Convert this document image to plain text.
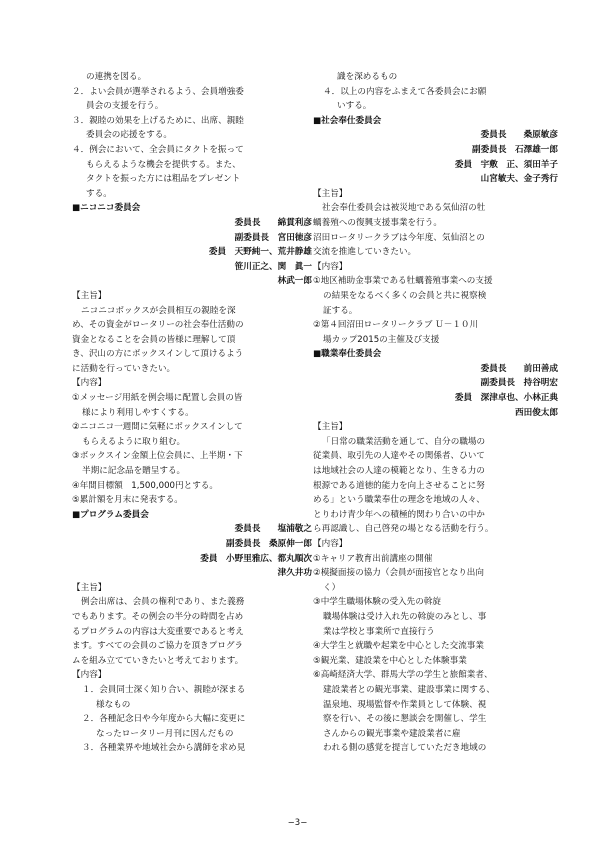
の連携を図る。

２．よい会員が選挙されるよう、会員増強委

員会の支援を行う。

３．親睦の効果を上げるために、出席、親睦

委員会の応援をする。

４．例会において、全会員にタクトを振って

もらえるような機会を提供する。また、

タクトを振った方には粗品をプレゼント

する。

■ニコニコ委員会

委員長　　綿貫利彦

副委員長　宮田徳彦

委員　天野純一、荒井静雄

笹川正之、関　眞一

林武一郎

【主旨】

ニコニコボックスが会員相互の親睦を深

め、その資金がロータリーの社会奉仕活動の

資金となることを会員の皆様に理解して頂

き、沢山の方にボックスインして頂けるよう

に活動を行っていきたい。

【内容】

①メッセージ用紙を例会場に配置し会員の皆

様により利用しやすくする。

②ニコニコ一週間に気軽にボックスインして

もらえるように取り組む。

③ボックスイン金額上位会員に、上半期・下

半期に記念品を贈呈する。

④年間目標額　1,500,000円とする。

⑤累計額を月末に発表する。

■プログラム委員会

委員長　　塩浦敬之

副委員長　桑原伸一郎

委員　小野里雅広、都丸順次

津久井功

【主旨】

例会出席は、会員の権利であり、また義務

でもあります。その例会の半分の時間を占め

るプログラムの内容は大変重要であると考え

ます。すべての会員のご協力を頂きプログラ

ムを組み立てていきたいと考えております。

【内容】

１．会員同士深く知り合い、親睦が深まる

様なもの

２．各種記念日や今年度から大幅に変更に

なったロータリー月刊に因んだもの

３．各種業界や地域社会から講師を求め見

識を深めるもの

４．以上の内容をふまえて各委員会にお願

いする。

■社会奉仕委員会

委員長　　桑原敏彦

副委員長　石澤雄一郎

委員　宇敷　正、須田羊子

山宮敏夫、金子秀行

【主旨】

社会奉仕委員会は被災地である気仙沼の牡

蠣養殖への復興支援事業を行う。

沼田ロータリークラブは今年度、気仙沼との

交流を推進していきたい。

【内容】

①地区補助金事業である牡蠣養殖事業への支援

の結果をなるべく多くの会員と共に視察検

証する。

②第４回沼田ロータリークラブ Ｕ－１０川

場カップ2015の主催及び支援

■職業奉仕委員会

委員長　　前田善成

副委員長　持谷明宏

委員　深津卓也、小林正典

西田俊太郎

【主旨】

「日常の職業活動を通して、自分の職場の

従業員、取引先の人達やその関係者、ひいて

は地域社会の人達の模範となり、生きる力の

根源である道徳的能力を向上させることに努

める」という職業奉仕の理念を地域の人々、

とりわけ青少年への積極的関わり合いの中か

ら再認識し、自己啓発の場となる活動を行う。

【内容】

①キャリア教育出前講座の開催

②模擬面接の協力（会員が面接官となり出向

く）

③中学生職場体験の受入先の斡旋

職場体験は受け入れ先の斡旋のみとし、事

業は学校と事業所で直接行う

④大学生と就職や起業を中心とした交流事業

⑤観光業、建設業を中心とした体験事業

⑥高崎経済大学、群馬大学の学生と旅館業者、

建設業者との観光事業、建設事業に関する、

温泉地、現場監督や作業員として体験、視

察を行い、その後に懇談会を開催し、学生

さんからの観光事業や建設業者に雇

われる側の感覚を提言していただき地域の

−3−
